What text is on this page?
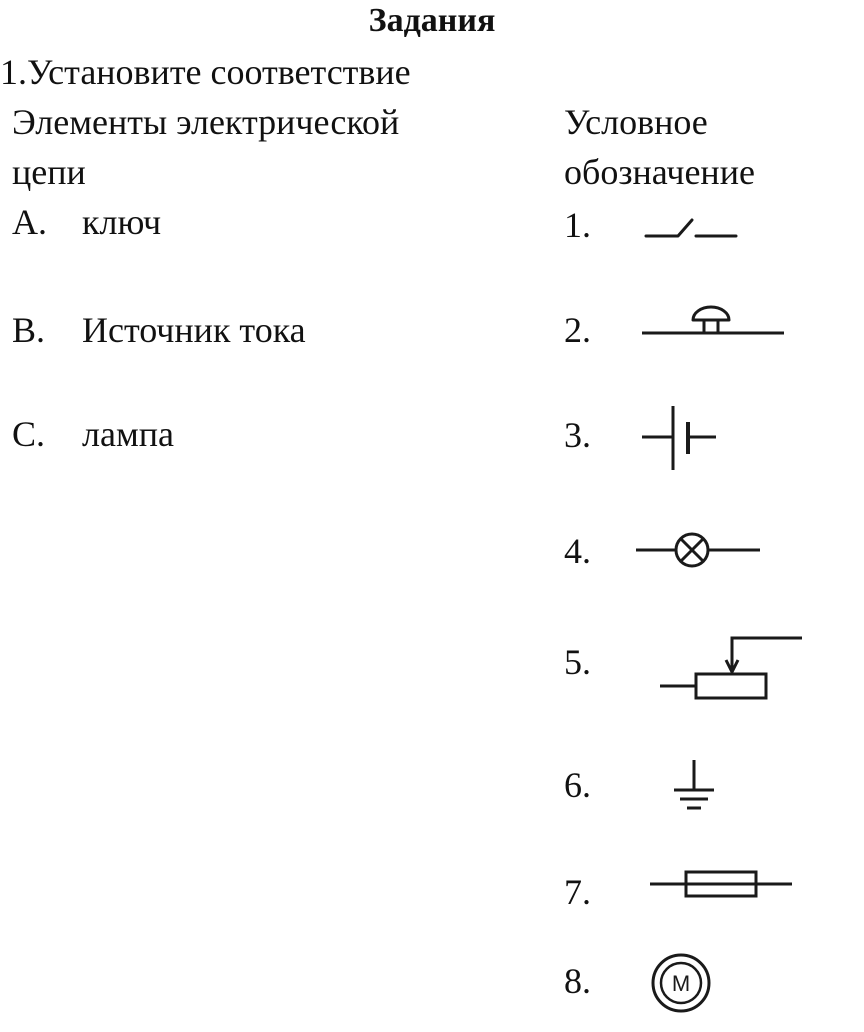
Задания
1.Установите соответствие
Элементы электрической
цепи
Условное
обозначение
А. ключ
В. Источник тока
С. лампа
1.
2.
3.
4.
5.
6.
7.
8.	M
